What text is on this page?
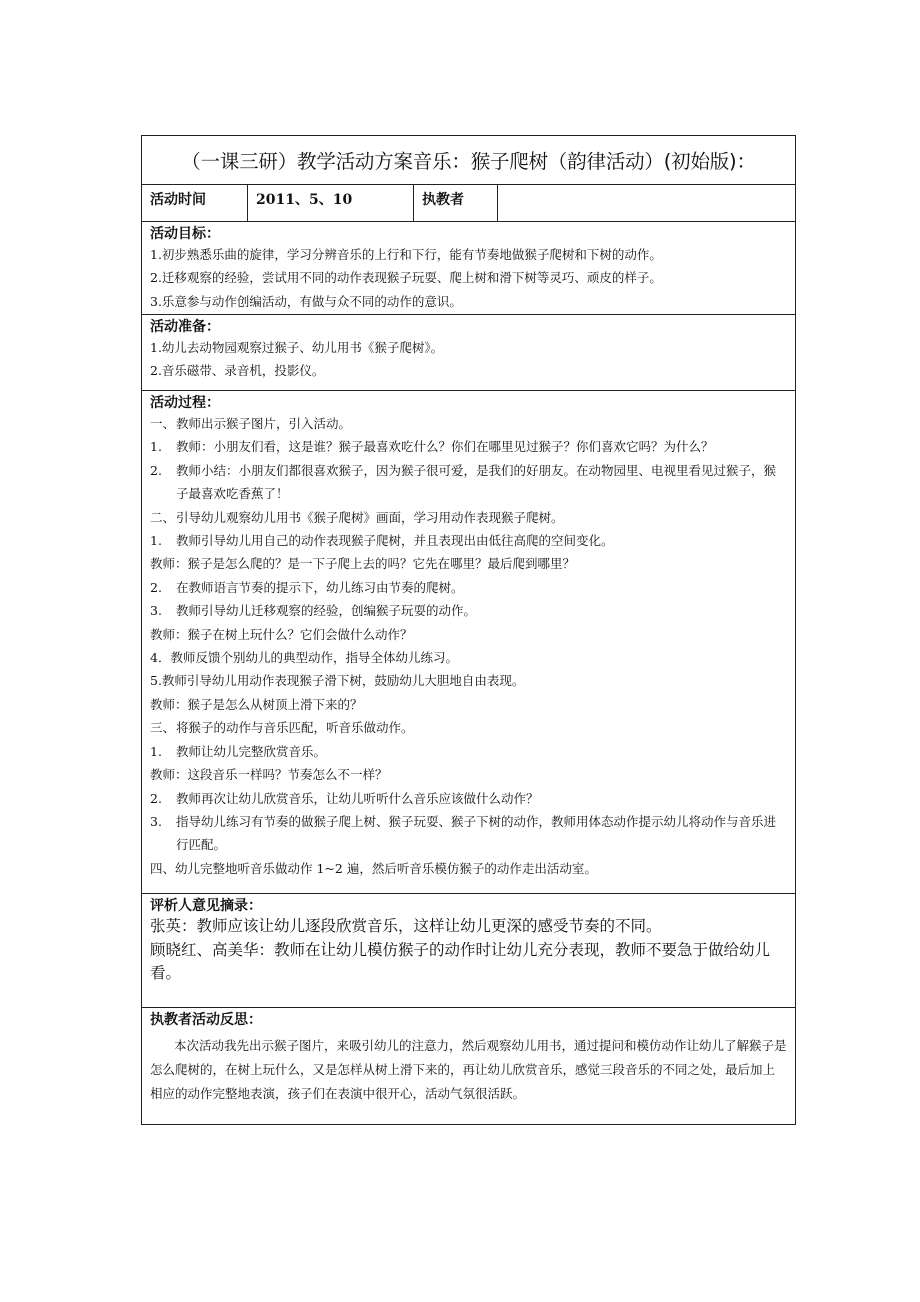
（一课三研）教学活动方案音乐：猴子爬树（韵律活动）(初始版)：
活动时间	2011、5、10	执教者
活动目标：
1.初步熟悉乐曲的旋律，学习分辨音乐的上行和下行，能有节奏地做猴子爬树和下树的动作。
2.迁移观察的经验，尝试用不同的动作表现猴子玩耍、爬上树和滑下树等灵巧、顽皮的样子。
3.乐意参与动作创编活动，有做与众不同的动作的意识。
活动准备：
1.幼儿去动物园观察过猴子、幼儿用书《猴子爬树》。
2.音乐磁带、录音机，投影仪。
活动过程：
一、教师出示猴子图片，引入活动。
1. 教师：小朋友们看，这是谁？猴子最喜欢吃什么？你们在哪里见过猴子？你们喜欢它吗？为什么？
2. 教师小结：小朋友们都很喜欢猴子，因为猴子很可爱，是我们的好朋友。在动物园里、电视里看见过猴子，猴子最喜欢吃香蕉了！
二、引导幼儿观察幼儿用书《猴子爬树》画面，学习用动作表现猴子爬树。
1. 教师引导幼儿用自己的动作表现猴子爬树，并且表现出由低往高爬的空间变化。
教师：猴子是怎么爬的？是一下子爬上去的吗？它先在哪里？最后爬到哪里？
2. 在教师语言节奏的提示下，幼儿练习由节奏的爬树。
3. 教师引导幼儿迁移观察的经验，创编猴子玩耍的动作。
教师：猴子在树上玩什么？它们会做什么动作？
4．教师反馈个别幼儿的典型动作，指导全体幼儿练习。
5.教师引导幼儿用动作表现猴子滑下树，鼓励幼儿大胆地自由表现。
教师：猴子是怎么从树顶上滑下来的？
三、将猴子的动作与音乐匹配，听音乐做动作。
1. 教师让幼儿完整欣赏音乐。
教师：这段音乐一样吗？节奏怎么不一样？
2. 教师再次让幼儿欣赏音乐，让幼儿听听什么音乐应该做什么动作？
3. 指导幼儿练习有节奏的做猴子爬上树、猴子玩耍、猴子下树的动作，教师用体态动作提示幼儿将动作与音乐进行匹配。
四、幼儿完整地听音乐做动作 1~2 遍，然后听音乐模仿猴子的动作走出活动室。
评析人意见摘录：
张英：教师应该让幼儿逐段欣赏音乐，这样让幼儿更深的感受节奏的不同。
顾晓红、高美华：教师在让幼儿模仿猴子的动作时让幼儿充分表现，教师不要急于做给幼儿看。
执教者活动反思：
本次活动我先出示猴子图片，来吸引幼儿的注意力，然后观察幼儿用书，通过提问和模仿动作让幼儿了解猴子是怎么爬树的，在树上玩什么，又是怎样从树上滑下来的，再让幼儿欣赏音乐，感觉三段音乐的不同之处，最后加上相应的动作完整地表演，孩子们在表演中很开心，活动气氛很活跃。
